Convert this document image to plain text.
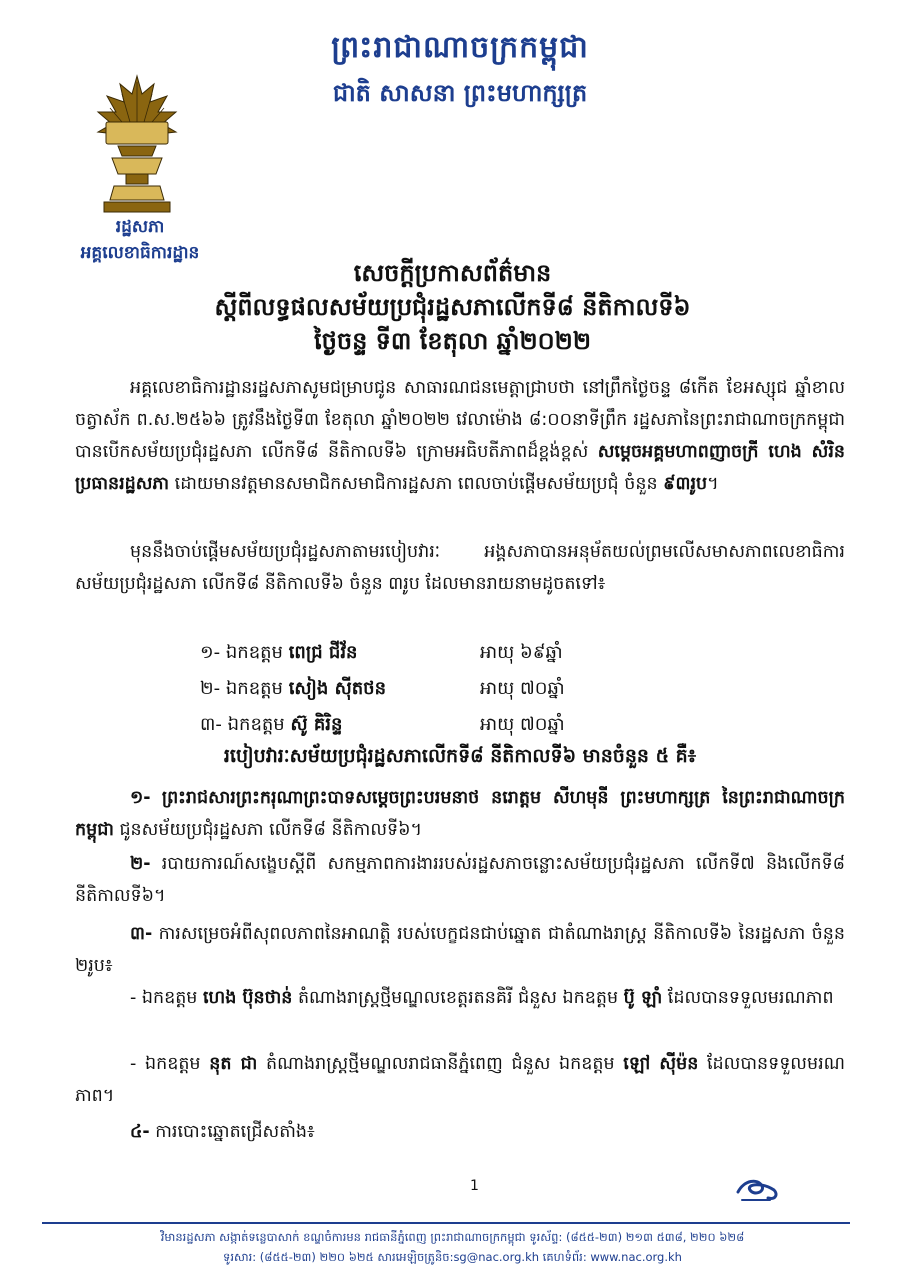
ព្រះរាជាណាចក្រកម្ពុជា
ជាតិ សាសនា ព្រះមហាក្សត្រ
រដ្ឋសភា
អគ្គលេខាធិការដ្ឋាន
សេចក្តីប្រកាសព័ត៌មាន
ស្តីពីលទ្ធផលសម័យប្រជុំរដ្ឋសភាលើកទី៨ នីតិកាលទី៦
ថ្ងៃចន្ទ ទី៣ ខែតុលា ឆ្នាំ២០២២
អគ្គលេខាធិការដ្ឋានរដ្ឋសភាសូមជម្រាបជូន សាធារណជនមេត្តាជ្រាបថា នៅព្រឹកថ្ងៃចន្ទ ៨កើត ខែអស្សុជ ឆ្នាំខាល ចត្វាស័ក ព.ស.២៥៦៦ ត្រូវនឹងថ្ងៃទី៣ ខែតុលា ឆ្នាំ២០២២ វេលាម៉ោង ៨:០០នាទីព្រឹក រដ្ឋសភានៃព្រះរាជាណាចក្រកម្ពុជា បានបើកសម័យប្រជុំរដ្ឋសភា លើកទី៨ នីតិកាលទី៦ ក្រោមអធិបតីភាពដ៏ខ្ពង់ខ្ពស់ សម្តេចអគ្គមហាពញាចក្រី ហេង សំរិន ប្រធានរដ្ឋសភា ដោយមានវត្តមានសមាជិកសមាជិការដ្ឋសភា ពេលចាប់ផ្តើមសម័យប្រជុំ ចំនួន ៩៣រូប។
មុននឹងចាប់ផ្តើមសម័យប្រជុំរដ្ឋសភាតាមរបៀបវារៈ អង្គសភាបានអនុម័តយល់ព្រមលើសមាសភាពលេខាធិការសម័យប្រជុំរដ្ឋសភា លើកទី៨ នីតិកាលទី៦ ចំនួន ៣រូប ដែលមានរាយនាមដូចតទៅ៖
១- ឯកឧត្តម ពេជ្រ ជីវ័ន	អាយុ ៦៩ឆ្នាំ
២- ឯកឧត្តម សៀង ស៊ីតថន	អាយុ ៧០ឆ្នាំ
៣- ឯកឧត្តម ស៊ូ គិរិន្ទ	អាយុ ៧០ឆ្នាំ
របៀបវារៈសម័យប្រជុំរដ្ឋសភាលើកទី៨ នីតិកាលទី៦ មានចំនួន ៥ គឺ៖
១- ព្រះរាជសារព្រះករុណាព្រះបាទសម្តេចព្រះបរមនាថ នរោត្តម សីហមុនី ព្រះមហាក្សត្រ នៃព្រះរាជាណាចក្រកម្ពុជា ជូនសម័យប្រជុំរដ្ឋសភា លើកទី៨ នីតិកាលទី៦។
២- របាយការណ៍សង្ខេបស្តីពី សកម្មភាពការងាររបស់រដ្ឋសភាចន្លោះសម័យប្រជុំរដ្ឋសភា លើកទី៧ និងលើកទី៨ នីតិកាលទី៦។
៣- ការសម្រេចអំពីសុពលភាពនៃអាណត្តិ របស់បេក្ខជនជាប់ឆ្នោត ជាតំណាងរាស្ត្រ នីតិកាលទី៦ នៃរដ្ឋសភា ចំនួន ២រូប៖
- ឯកឧត្តម ហេង ប៊ុនថាន់ តំណាងរាស្ត្រថ្មីមណ្ឌលខេត្តរតនគិរី ជំនួស ឯកឧត្តម ប៊ូ ឡាំ ដែលបានទទួលមរណភាព
- ឯកឧត្តម នុត ជា តំណាងរាស្ត្រថ្មីមណ្ឌលរាជធានីភ្នំពេញ ជំនួស ឯកឧត្តម ឡៅ ស៊ីម៉ន ដែលបានទទួលមរណភាព។
៤- ការបោះឆ្នោតជ្រើសតាំង៖
1
វិមានរដ្ឋសភា សង្កាត់ទន្លេបាសាក់ ខណ្ឌចំការមន រាជធានីភ្នំពេញ ព្រះរាជាណាចក្រកម្ពុជា ទូរស័ព្ទ: (៨៥៥-២៣) ២១៣ ៥៣៨, ២២០ ៦២៨
ទូរសារ: (៨៥៥-២៣) ២២០ ៦២៥ សារអេឡិចត្រូនិច:sg@nac.org.kh គេហទំព័រ: www.nac.org.kh
